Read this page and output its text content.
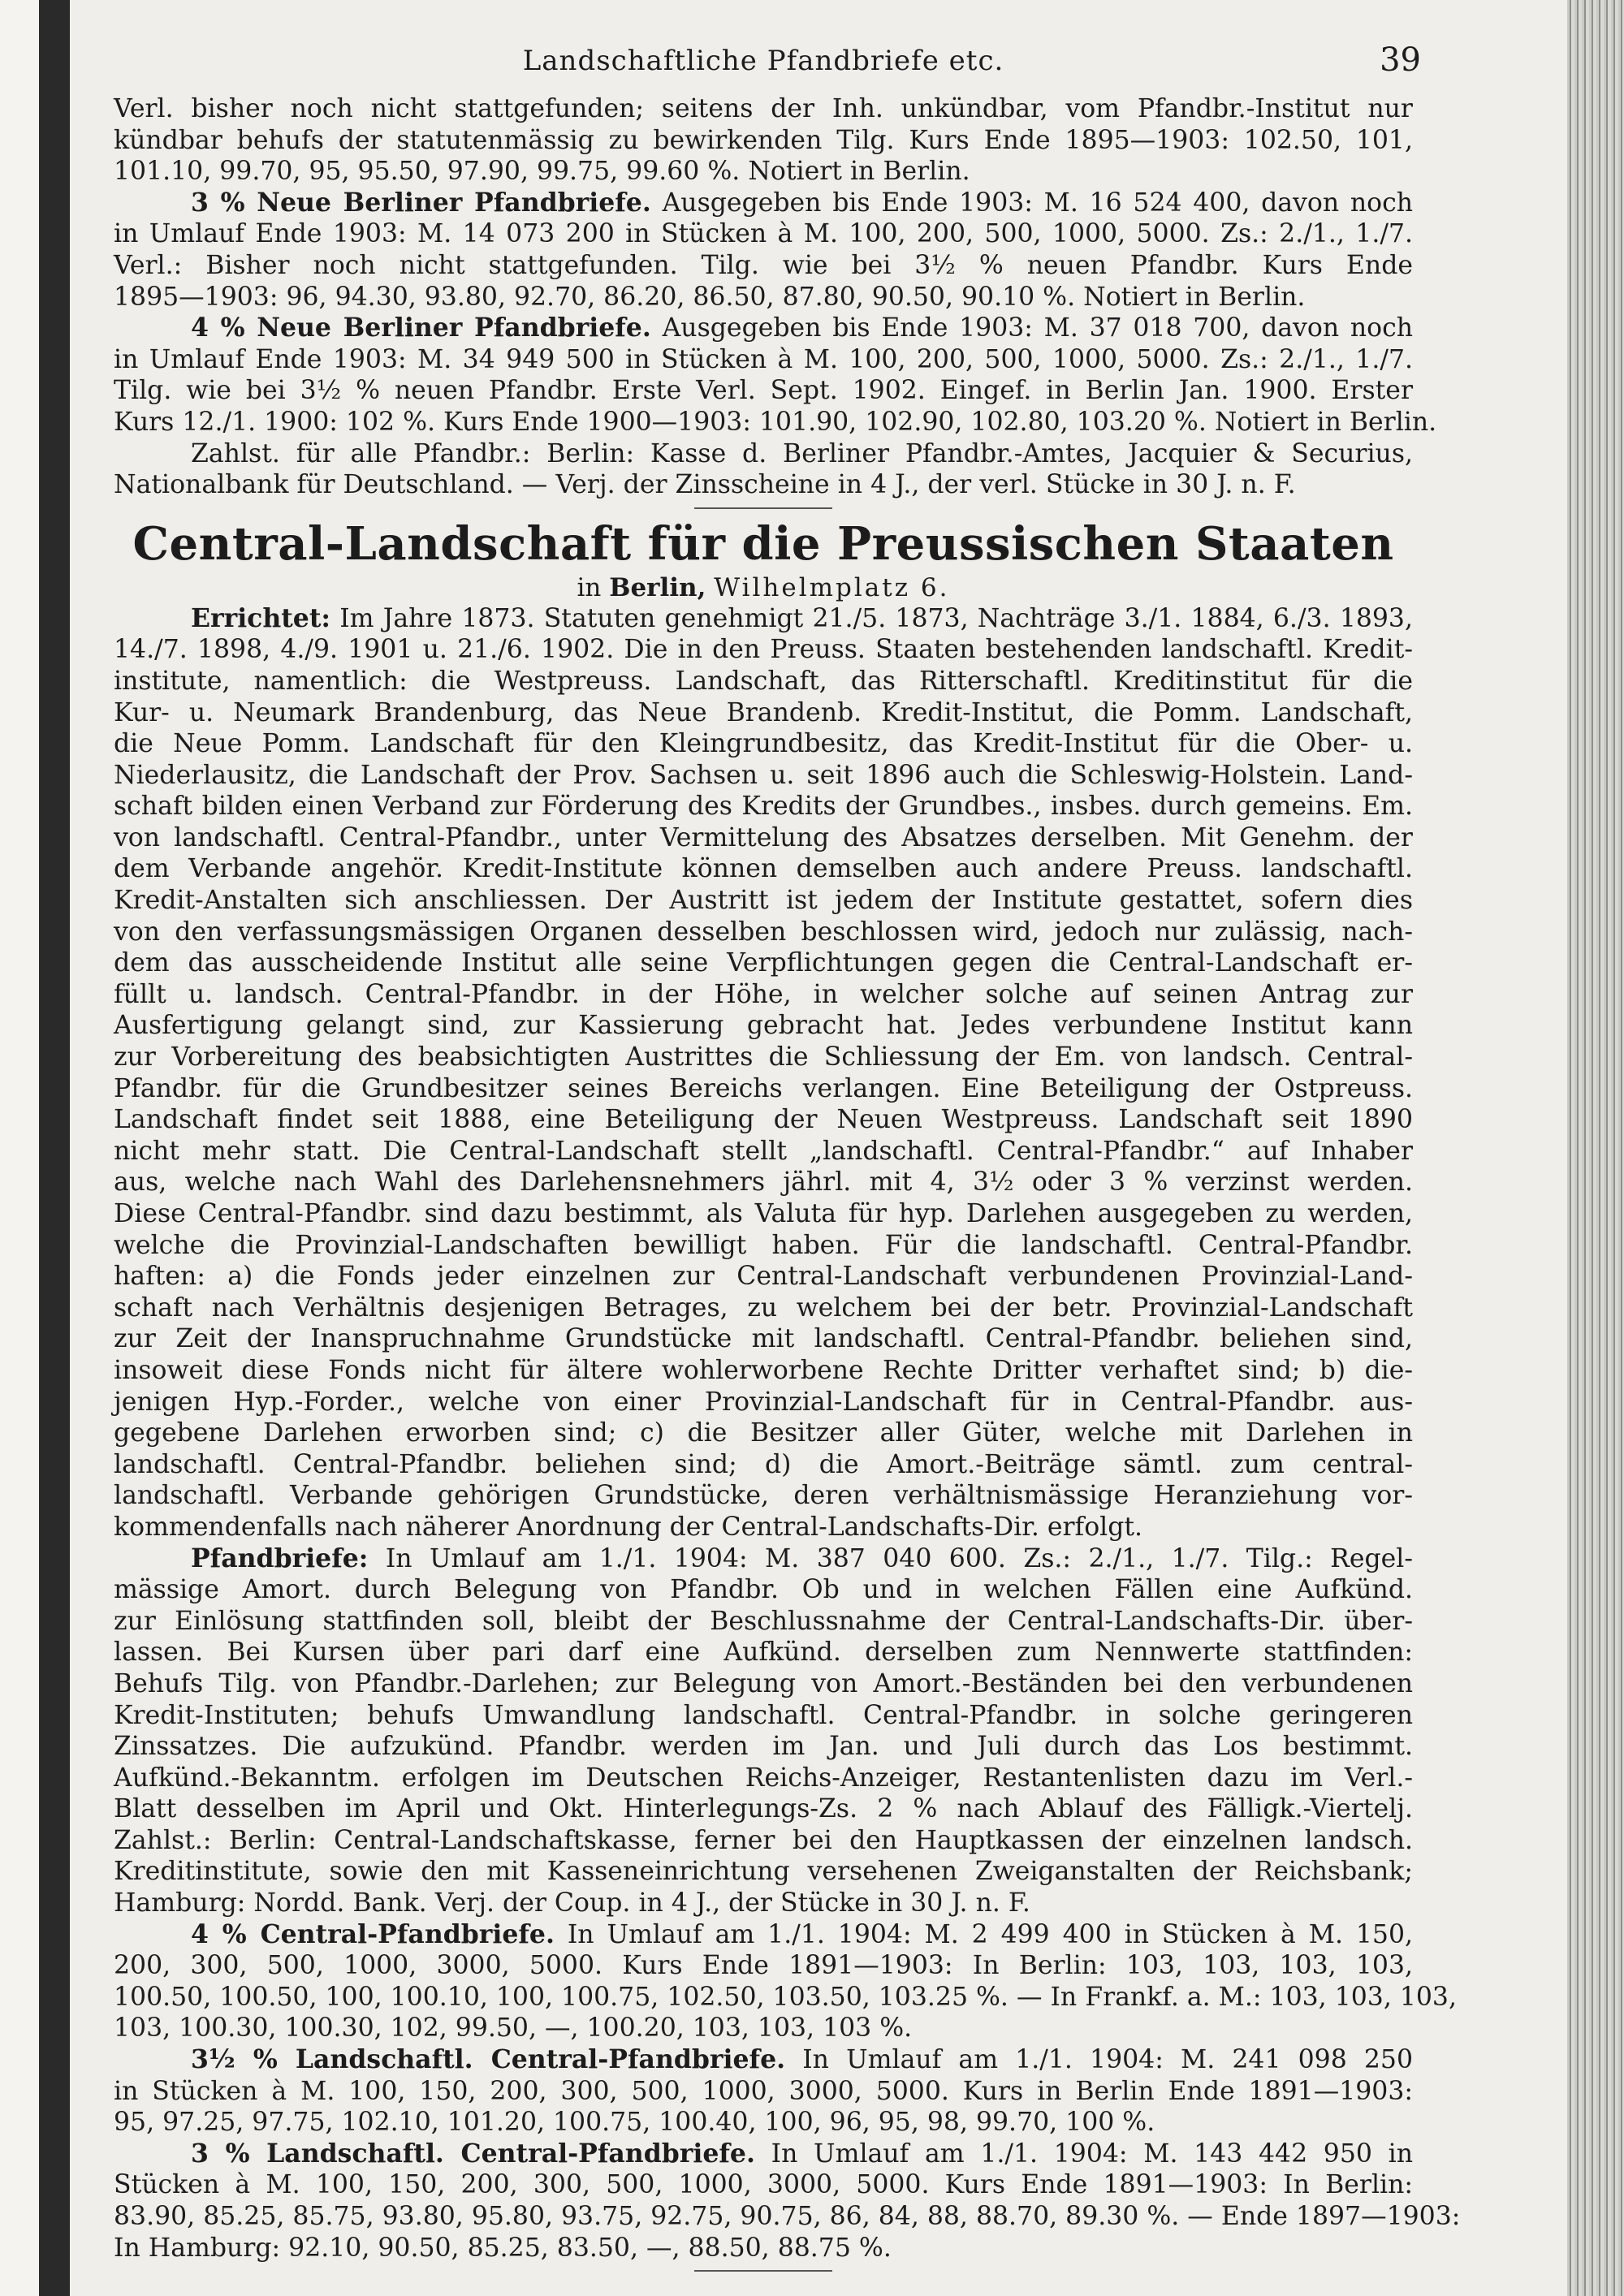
Landschaftliche Pfandbriefe etc.	39
Verl. bisher noch nicht stattgefunden; seitens der Inh. unkündbar, vom Pfandbr.-Institut nur
kündbar behufs der statutenmässig zu bewirkenden Tilg. Kurs Ende 1895—1903: 102.50, 101,
101.10, 99.70, 95, 95.50, 97.90, 99.75, 99.60 %. Notiert in Berlin.
3 % Neue Berliner Pfandbriefe. Ausgegeben bis Ende 1903: M. 16 524 400, davon noch
in Umlauf Ende 1903: M. 14 073 200 in Stücken à M. 100, 200, 500, 1000, 5000. Zs.: 2./1., 1./7.
Verl.: Bisher noch nicht stattgefunden. Tilg. wie bei 3½ % neuen Pfandbr. Kurs Ende
1895—1903: 96, 94.30, 93.80, 92.70, 86.20, 86.50, 87.80, 90.50, 90.10 %. Notiert in Berlin.
4 % Neue Berliner Pfandbriefe. Ausgegeben bis Ende 1903: M. 37 018 700, davon noch
in Umlauf Ende 1903: M. 34 949 500 in Stücken à M. 100, 200, 500, 1000, 5000. Zs.: 2./1., 1./7.
Tilg. wie bei 3½ % neuen Pfandbr. Erste Verl. Sept. 1902. Eingef. in Berlin Jan. 1900. Erster
Kurs 12./1. 1900: 102 %. Kurs Ende 1900—1903: 101.90, 102.90, 102.80, 103.20 %. Notiert in Berlin.
Zahlst. für alle Pfandbr.: Berlin: Kasse d. Berliner Pfandbr.-Amtes, Jacquier & Securius,
Nationalbank für Deutschland. — Verj. der Zinsscheine in 4 J., der verl. Stücke in 30 J. n. F.
Central-Landschaft für die Preussischen Staaten
in Berlin, Wilhelmplatz 6.
Errichtet: Im Jahre 1873. Statuten genehmigt 21./5. 1873, Nachträge 3./1. 1884, 6./3. 1893,
14./7. 1898, 4./9. 1901 u. 21./6. 1902. Die in den Preuss. Staaten bestehenden landschaftl. Kredit-
institute, namentlich: die Westpreuss. Landschaft, das Ritterschaftl. Kreditinstitut für die
Kur- u. Neumark Brandenburg, das Neue Brandenb. Kredit-Institut, die Pomm. Landschaft,
die Neue Pomm. Landschaft für den Kleingrundbesitz, das Kredit-Institut für die Ober- u.
Niederlausitz, die Landschaft der Prov. Sachsen u. seit 1896 auch die Schleswig-Holstein. Land-
schaft bilden einen Verband zur Förderung des Kredits der Grundbes., insbes. durch gemeins. Em.
von landschaftl. Central-Pfandbr., unter Vermittelung des Absatzes derselben. Mit Genehm. der
dem Verbande angehör. Kredit-Institute können demselben auch andere Preuss. landschaftl.
Kredit-Anstalten sich anschliessen. Der Austritt ist jedem der Institute gestattet, sofern dies
von den verfassungsmässigen Organen desselben beschlossen wird, jedoch nur zulässig, nach-
dem das ausscheidende Institut alle seine Verpflichtungen gegen die Central-Landschaft er-
füllt u. landsch. Central-Pfandbr. in der Höhe, in welcher solche auf seinen Antrag zur
Ausfertigung gelangt sind, zur Kassierung gebracht hat. Jedes verbundene Institut kann
zur Vorbereitung des beabsichtigten Austrittes die Schliessung der Em. von landsch. Central-
Pfandbr. für die Grundbesitzer seines Bereichs verlangen. Eine Beteiligung der Ostpreuss.
Landschaft findet seit 1888, eine Beteiligung der Neuen Westpreuss. Landschaft seit 1890
nicht mehr statt. Die Central-Landschaft stellt „landschaftl. Central-Pfandbr.“ auf Inhaber
aus, welche nach Wahl des Darlehensnehmers jährl. mit 4, 3½ oder 3 % verzinst werden.
Diese Central-Pfandbr. sind dazu bestimmt, als Valuta für hyp. Darlehen ausgegeben zu werden,
welche die Provinzial-Landschaften bewilligt haben. Für die landschaftl. Central-Pfandbr.
haften: a) die Fonds jeder einzelnen zur Central-Landschaft verbundenen Provinzial-Land-
schaft nach Verhältnis desjenigen Betrages, zu welchem bei der betr. Provinzial-Landschaft
zur Zeit der Inanspruchnahme Grundstücke mit landschaftl. Central-Pfandbr. beliehen sind,
insoweit diese Fonds nicht für ältere wohlerworbene Rechte Dritter verhaftet sind; b) die-
jenigen Hyp.-Forder., welche von einer Provinzial-Landschaft für in Central-Pfandbr. aus-
gegebene Darlehen erworben sind; c) die Besitzer aller Güter, welche mit Darlehen in
landschaftl. Central-Pfandbr. beliehen sind; d) die Amort.-Beiträge sämtl. zum central-
landschaftl. Verbande gehörigen Grundstücke, deren verhältnismässige Heranziehung vor-
kommendenfalls nach näherer Anordnung der Central-Landschafts-Dir. erfolgt.
Pfandbriefe: In Umlauf am 1./1. 1904: M. 387 040 600. Zs.: 2./1., 1./7. Tilg.: Regel-
mässige Amort. durch Belegung von Pfandbr. Ob und in welchen Fällen eine Aufkünd.
zur Einlösung stattfinden soll, bleibt der Beschlussnahme der Central-Landschafts-Dir. über-
lassen. Bei Kursen über pari darf eine Aufkünd. derselben zum Nennwerte stattfinden:
Behufs Tilg. von Pfandbr.-Darlehen; zur Belegung von Amort.-Beständen bei den verbundenen
Kredit-Instituten; behufs Umwandlung landschaftl. Central-Pfandbr. in solche geringeren
Zinssatzes. Die aufzukünd. Pfandbr. werden im Jan. und Juli durch das Los bestimmt.
Aufkünd.-Bekanntm. erfolgen im Deutschen Reichs-Anzeiger, Restantenlisten dazu im Verl.-
Blatt desselben im April und Okt. Hinterlegungs-Zs. 2 % nach Ablauf des Fälligk.-Viertelj.
Zahlst.: Berlin: Central-Landschaftskasse, ferner bei den Hauptkassen der einzelnen landsch.
Kreditinstitute, sowie den mit Kasseneinrichtung versehenen Zweiganstalten der Reichsbank;
Hamburg: Nordd. Bank. Verj. der Coup. in 4 J., der Stücke in 30 J. n. F.
4 % Central-Pfandbriefe. In Umlauf am 1./1. 1904: M. 2 499 400 in Stücken à M. 150,
200, 300, 500, 1000, 3000, 5000. Kurs Ende 1891—1903: In Berlin: 103, 103, 103, 103,
100.50, 100.50, 100, 100.10, 100, 100.75, 102.50, 103.50, 103.25 %. — In Frankf. a. M.: 103, 103, 103,
103, 100.30, 100.30, 102, 99.50, —, 100.20, 103, 103, 103 %.
3½ % Landschaftl. Central-Pfandbriefe. In Umlauf am 1./1. 1904: M. 241 098 250
in Stücken à M. 100, 150, 200, 300, 500, 1000, 3000, 5000. Kurs in Berlin Ende 1891—1903:
95, 97.25, 97.75, 102.10, 101.20, 100.75, 100.40, 100, 96, 95, 98, 99.70, 100 %.
3 % Landschaftl. Central-Pfandbriefe. In Umlauf am 1./1. 1904: M. 143 442 950 in
Stücken à M. 100, 150, 200, 300, 500, 1000, 3000, 5000. Kurs Ende 1891—1903: In Berlin:
83.90, 85.25, 85.75, 93.80, 95.80, 93.75, 92.75, 90.75, 86, 84, 88, 88.70, 89.30 %. — Ende 1897—1903:
In Hamburg: 92.10, 90.50, 85.25, 83.50, —, 88.50, 88.75 %.
